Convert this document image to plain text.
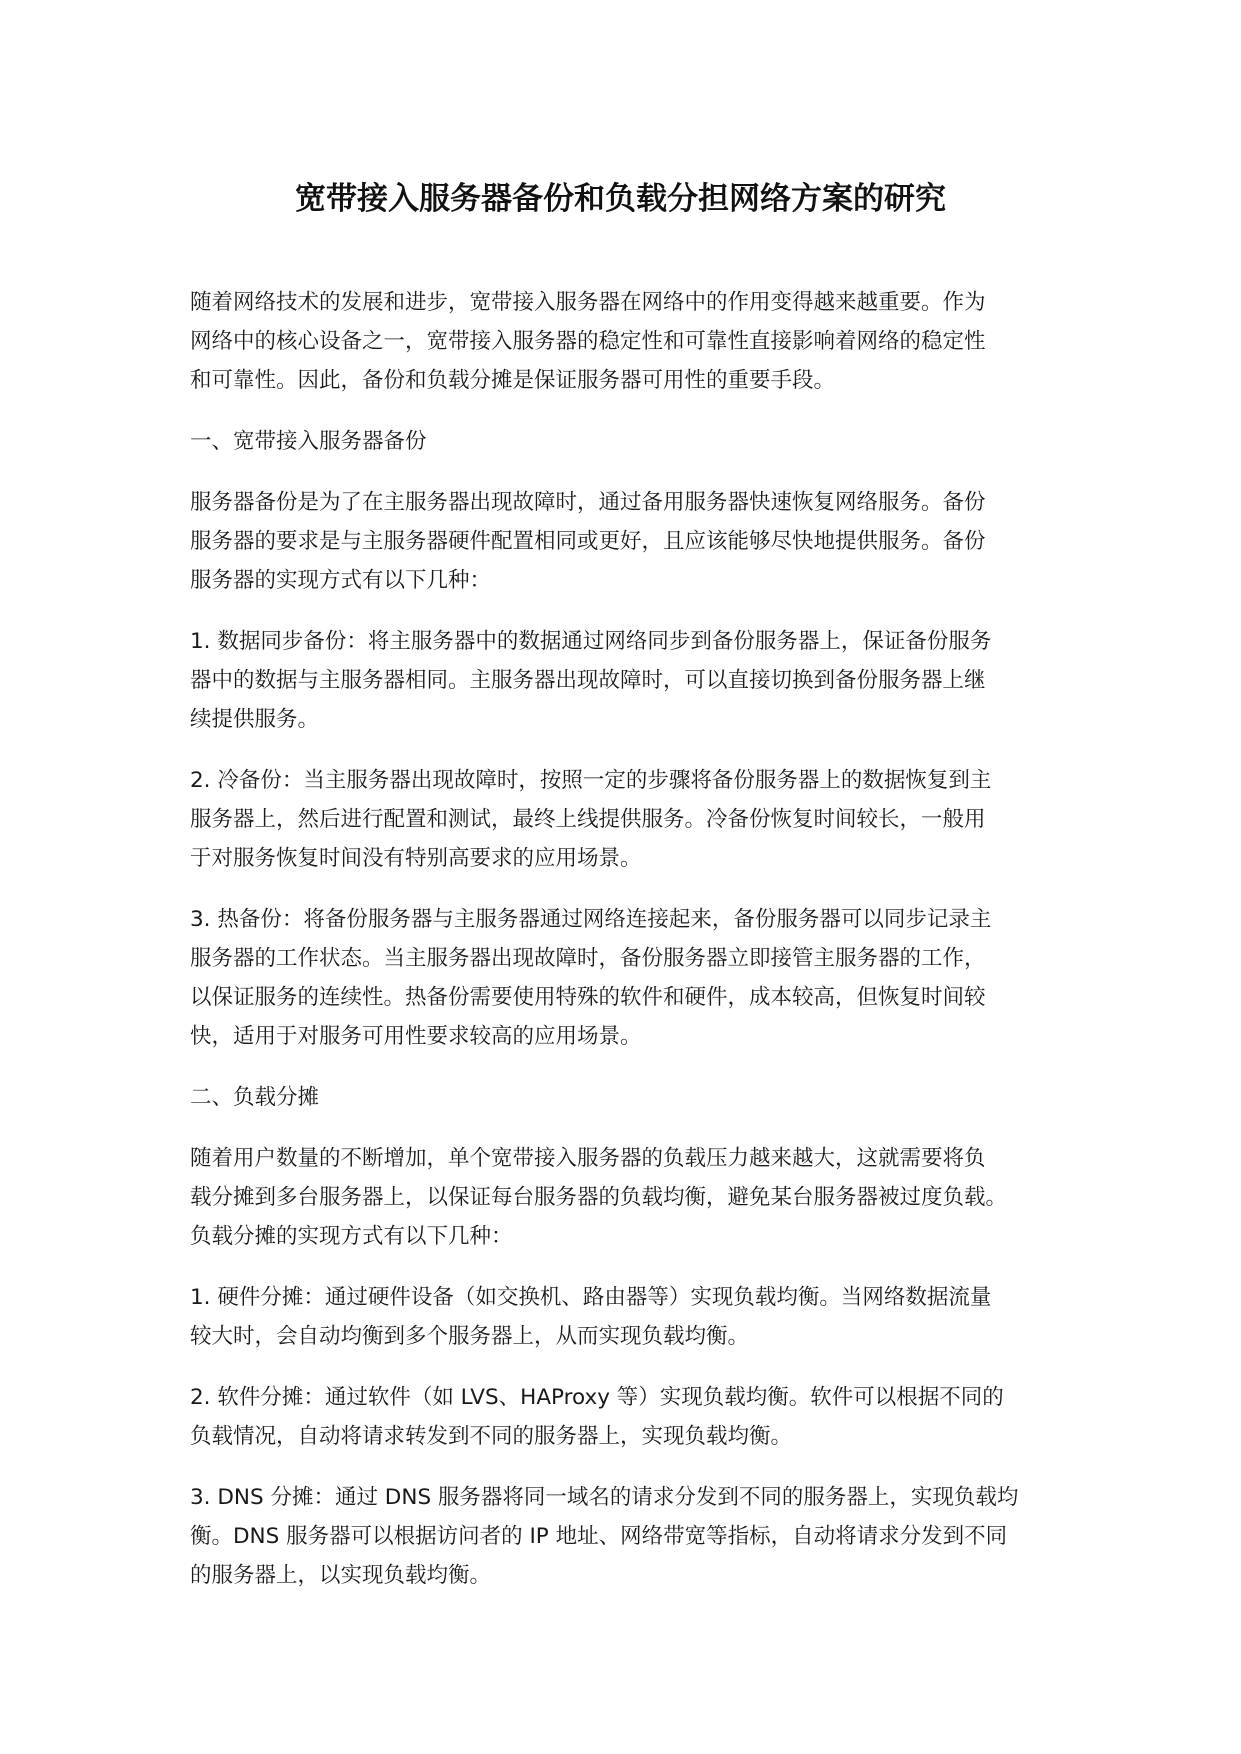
宽带接入服务器备份和负载分担网络方案的研究

随着网络技术的发展和进步，宽带接入服务器在网络中的作用变得越来越重要。作为
网络中的核心设备之一，宽带接入服务器的稳定性和可靠性直接影响着网络的稳定性
和可靠性。因此，备份和负载分摊是保证服务器可用性的重要手段。

一、宽带接入服务器备份

服务器备份是为了在主服务器出现故障时，通过备用服务器快速恢复网络服务。备份
服务器的要求是与主服务器硬件配置相同或更好，且应该能够尽快地提供服务。备份
服务器的实现方式有以下几种：

1. 数据同步备份：将主服务器中的数据通过网络同步到备份服务器上，保证备份服务
器中的数据与主服务器相同。主服务器出现故障时，可以直接切换到备份服务器上继
续提供服务。

2. 冷备份：当主服务器出现故障时，按照一定的步骤将备份服务器上的数据恢复到主
服务器上，然后进行配置和测试，最终上线提供服务。冷备份恢复时间较长，一般用
于对服务恢复时间没有特别高要求的应用场景。

3. 热备份：将备份服务器与主服务器通过网络连接起来，备份服务器可以同步记录主
服务器的工作状态。当主服务器出现故障时，备份服务器立即接管主服务器的工作，
以保证服务的连续性。热备份需要使用特殊的软件和硬件，成本较高，但恢复时间较
快，适用于对服务可用性要求较高的应用场景。

二、负载分摊

随着用户数量的不断增加，单个宽带接入服务器的负载压力越来越大，这就需要将负
载分摊到多台服务器上，以保证每台服务器的负载均衡，避免某台服务器被过度负载。
负载分摊的实现方式有以下几种：

1. 硬件分摊：通过硬件设备（如交换机、路由器等）实现负载均衡。当网络数据流量
较大时，会自动均衡到多个服务器上，从而实现负载均衡。

2. 软件分摊：通过软件（如 LVS、HAProxy 等）实现负载均衡。软件可以根据不同的
负载情况，自动将请求转发到不同的服务器上，实现负载均衡。

3. DNS 分摊：通过 DNS 服务器将同一域名的请求分发到不同的服务器上，实现负载均
衡。DNS 服务器可以根据访问者的 IP 地址、网络带宽等指标，自动将请求分发到不同
的服务器上，以实现负载均衡。
